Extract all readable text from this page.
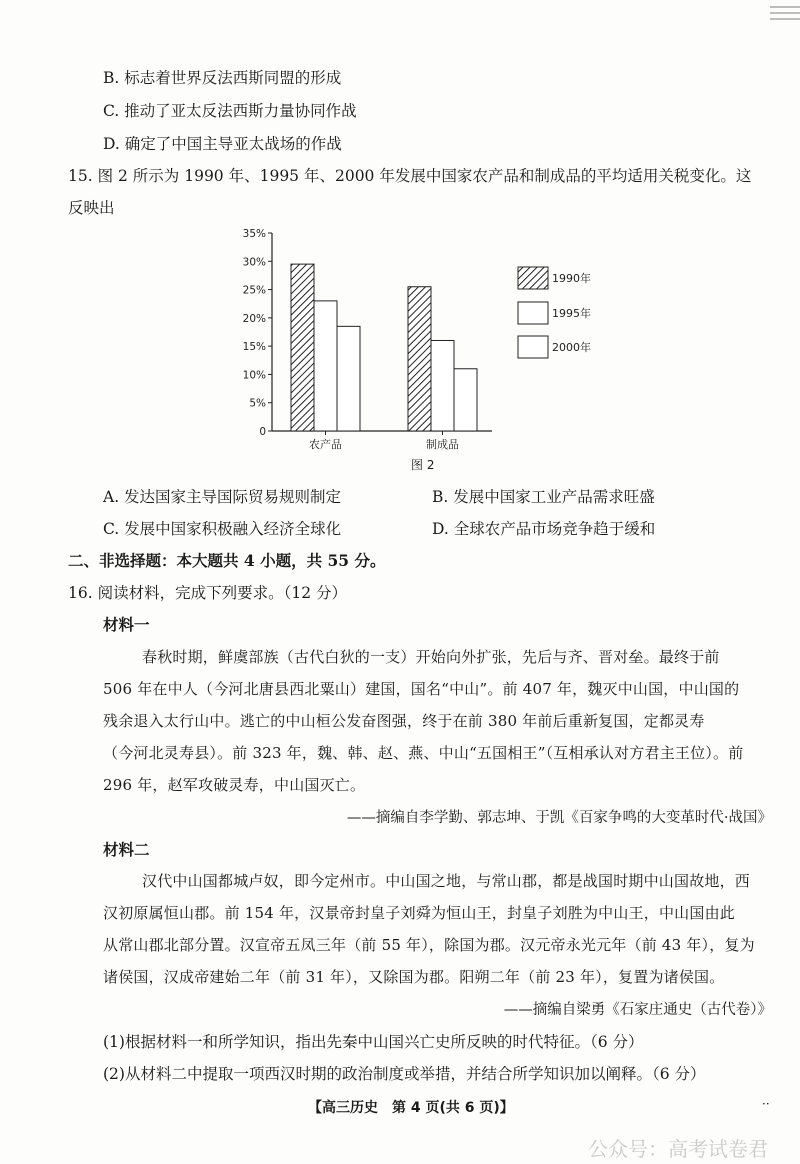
B. 标志着世界反法西斯同盟的形成
C. 推动了亚太反法西斯力量协同作战
D. 确定了中国主导亚太战场的作战
15. 图 2 所示为 1990 年、1995 年、2000 年发展中国家农产品和制成品的平均适用关税变化。这
反映出
0
5%
10%
15%
20%
25%
30%
35%
农产品	制成品
1990年
1995年
2000年
图 2
A. 发达国家主导国际贸易规则制定	B. 发展中国家工业产品需求旺盛
C. 发展中国家积极融入经济全球化	D. 全球农产品市场竞争趋于缓和
二、非选择题：本大题共 4 小题，共 55 分。
16. 阅读材料，完成下列要求。（12 分）
材料一
春秋时期，鲜虞部族（古代白狄的一支）开始向外扩张，先后与齐、晋对垒。最终于前
506 年在中人（今河北唐县西北粟山）建国，国名“中山”。前 407 年，魏灭中山国，中山国的
残余退入太行山中。逃亡的中山桓公发奋图强，终于在前 380 年前后重新复国，定都灵寿
（今河北灵寿县）。前 323 年，魏、韩、赵、燕、中山“五国相王”（互相承认对方君主王位）。前
296 年，赵军攻破灵寿，中山国灭亡。
——摘编自李学勤、郭志坤、于凯《百家争鸣的大变革时代·战国》
材料二
汉代中山国都城卢奴，即今定州市。中山国之地，与常山郡，都是战国时期中山国故地，西
汉初原属恒山郡。前 154 年，汉景帝封皇子刘舜为恒山王，封皇子刘胜为中山王，中山国由此
从常山郡北部分置。汉宣帝五凤三年（前 55 年），除国为郡。汉元帝永光元年（前 43 年），复为
诸侯国，汉成帝建始二年（前 31 年），又除国为郡。阳朔二年（前 23 年），复置为诸侯国。
——摘编自梁勇《石家庄通史（古代卷）》
(1)根据材料一和所学知识，指出先秦中山国兴亡史所反映的时代特征。（6 分）
(2)从材料二中提取一项西汉时期的政治制度或举措，并结合所学知识加以阐释。（6 分）
【高三历史　第 4 页(共 6 页)】	··
公众号：高考试卷君
